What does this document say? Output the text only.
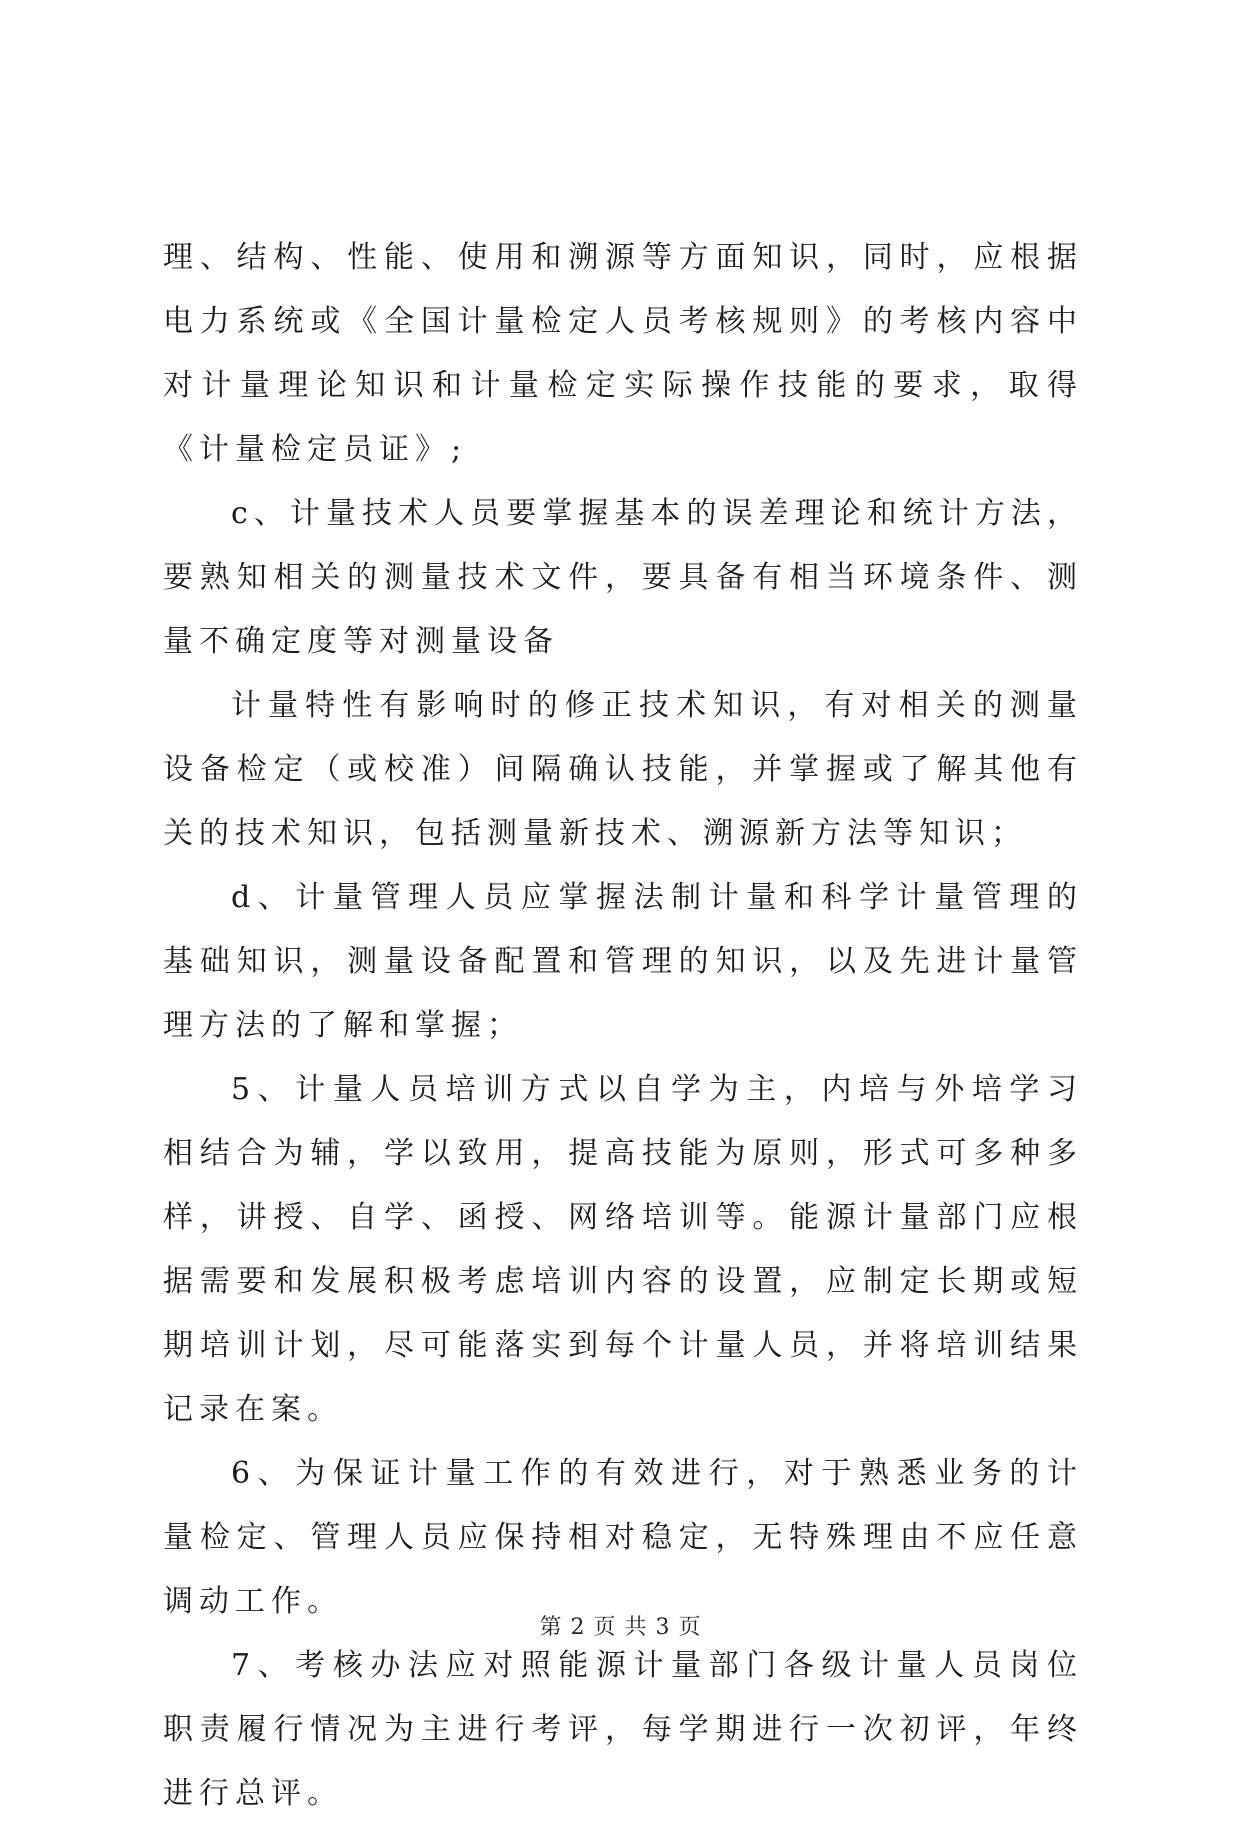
理、结构、性能、使用和溯源等方面知识，同时，应根据电力系统或《全国计量检定人员考核规则》的考核内容中对计量理论知识和计量检定实际操作技能的要求，取得《计量检定员证》;

c、计量技术人员要掌握基本的误差理论和统计方法，要熟知相关的测量技术文件，要具备有相当环境条件、测量不确定度等对测量设备

计量特性有影响时的修正技术知识，有对相关的测量设备检定（或校准）间隔确认技能，并掌握或了解其他有关的技术知识，包括测量新技术、溯源新方法等知识；

d、计量管理人员应掌握法制计量和科学计量管理的基础知识，测量设备配置和管理的知识，以及先进计量管理方法的了解和掌握；

5、计量人员培训方式以自学为主，内培与外培学习相结合为辅，学以致用，提高技能为原则，形式可多种多样，讲授、自学、函授、网络培训等。能源计量部门应根据需要和发展积极考虑培训内容的设置，应制定长期或短期培训计划，尽可能落实到每个计量人员，并将培训结果记录在案。

6、为保证计量工作的有效进行，对于熟悉业务的计量检定、管理人员应保持相对稳定，无特殊理由不应任意调动工作。

7、考核办法应对照能源计量部门各级计量人员岗位职责履行情况为主进行考评，每学期进行一次初评，年终进行总评。

第 2 页 共 3 页
